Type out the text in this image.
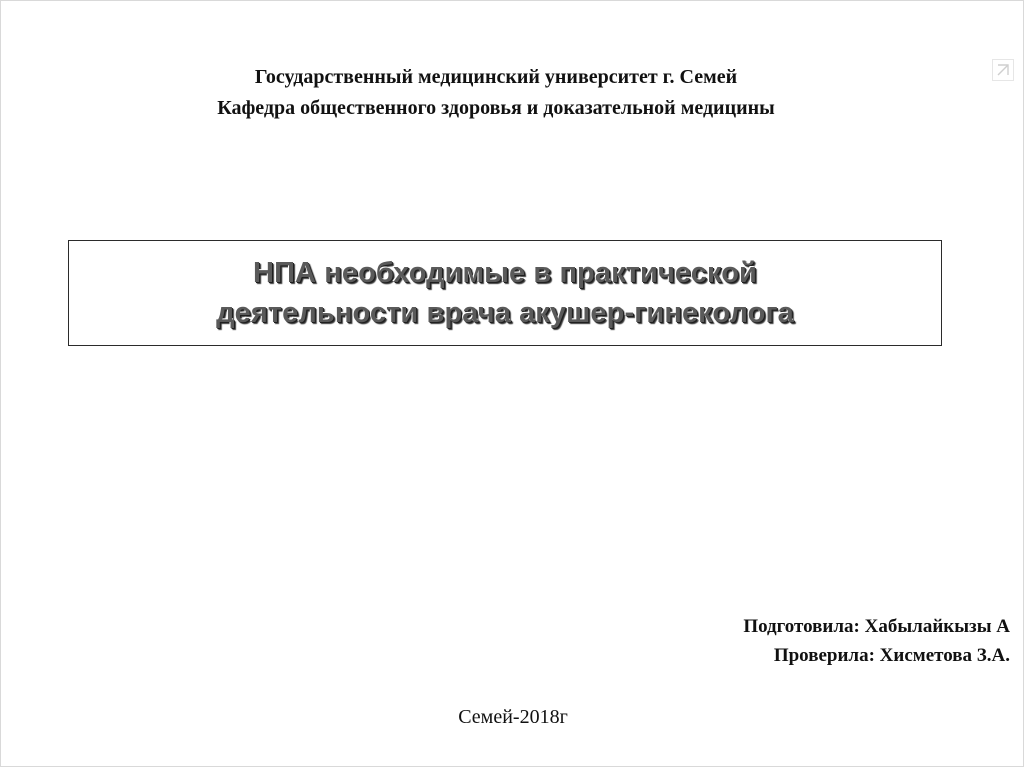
Государственный медицинский университет г. Семей
Кафедра общественного здоровья и доказательной медицины
НПА необходимые в практической
деятельности врача акушер-гинеколога
Подготовила: Хабылайкызы А
Проверила: Хисметова З.А.
Семей-2018г
